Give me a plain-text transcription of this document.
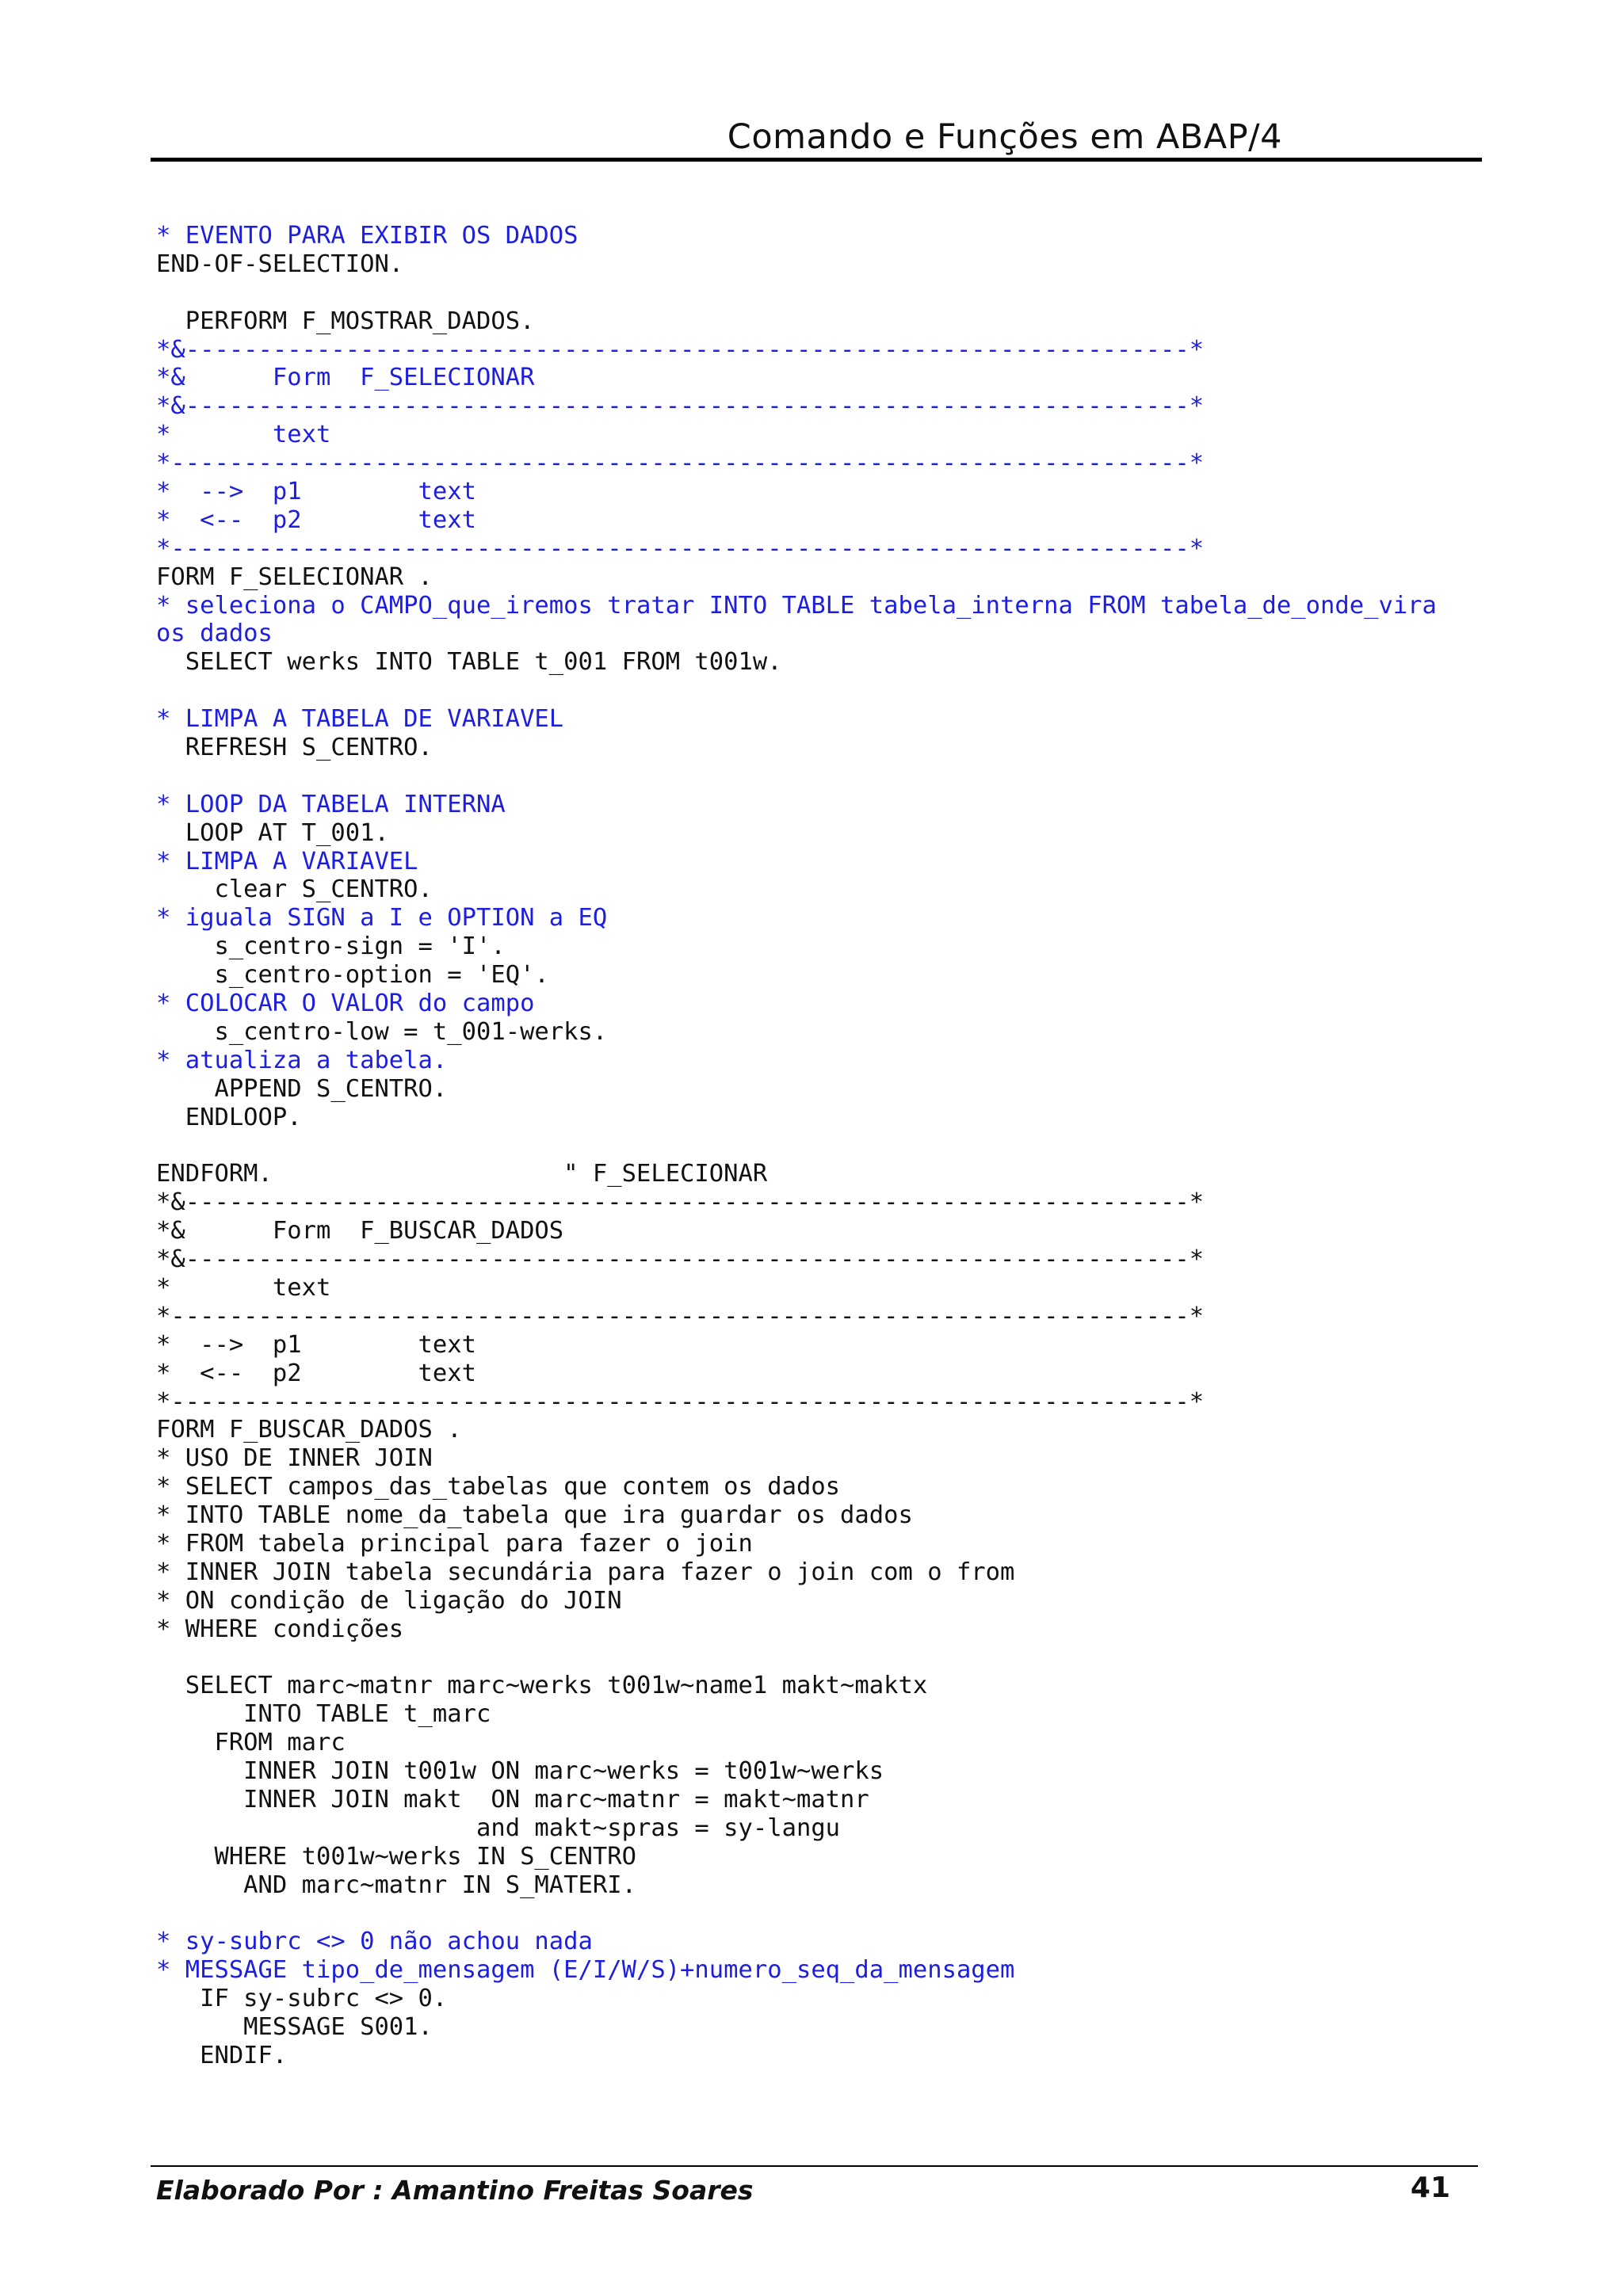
Comando e Funções em ABAP/4
* EVENTO PARA EXIBIR OS DADOS
END-OF-SELECTION.
PERFORM F_MOSTRAR_DADOS.
*&---------------------------------------------------------------------*
*&      Form  F_SELECIONAR
*&---------------------------------------------------------------------*
*       text
*----------------------------------------------------------------------*
*  -->  p1        text
*  <--  p2        text
*----------------------------------------------------------------------*
FORM F_SELECIONAR .
* seleciona o CAMPO_que_iremos tratar INTO TABLE tabela_interna FROM tabela_de_onde_vira
os dados
SELECT werks INTO TABLE t_001 FROM t001w.
* LIMPA A TABELA DE VARIAVEL
REFRESH S_CENTRO.
* LOOP DA TABELA INTERNA
LOOP AT T_001.
* LIMPA A VARIAVEL
clear S_CENTRO.
* iguala SIGN a I e OPTION a EQ
s_centro-sign = 'I'.
s_centro-option = 'EQ'.
* COLOCAR O VALOR do campo
s_centro-low = t_001-werks.
* atualiza a tabela.
APPEND S_CENTRO.
ENDLOOP.
ENDFORM.                    " F_SELECIONAR
*&---------------------------------------------------------------------*
*&      Form  F_BUSCAR_DADOS
*&---------------------------------------------------------------------*
*       text
*----------------------------------------------------------------------*
*  -->  p1        text
*  <--  p2        text
*----------------------------------------------------------------------*
FORM F_BUSCAR_DADOS .
* USO DE INNER JOIN
* SELECT campos_das_tabelas que contem os dados
* INTO TABLE nome_da_tabela que ira guardar os dados
* FROM tabela principal para fazer o join
* INNER JOIN tabela secundária para fazer o join com o from
* ON condição de ligação do JOIN
* WHERE condições
SELECT marc~matnr marc~werks t001w~name1 makt~maktx
INTO TABLE t_marc
FROM marc
INNER JOIN t001w ON marc~werks = t001w~werks
INNER JOIN makt  ON marc~matnr = makt~matnr
and makt~spras = sy-langu
WHERE t001w~werks IN S_CENTRO
AND marc~matnr IN S_MATERI.
* sy-subrc <> 0 não achou nada
* MESSAGE tipo_de_mensagem (E/I/W/S)+numero_seq_da_mensagem
IF sy-subrc <> 0.
MESSAGE S001.
ENDIF.
Elaborado Por : Amantino Freitas Soares	41
